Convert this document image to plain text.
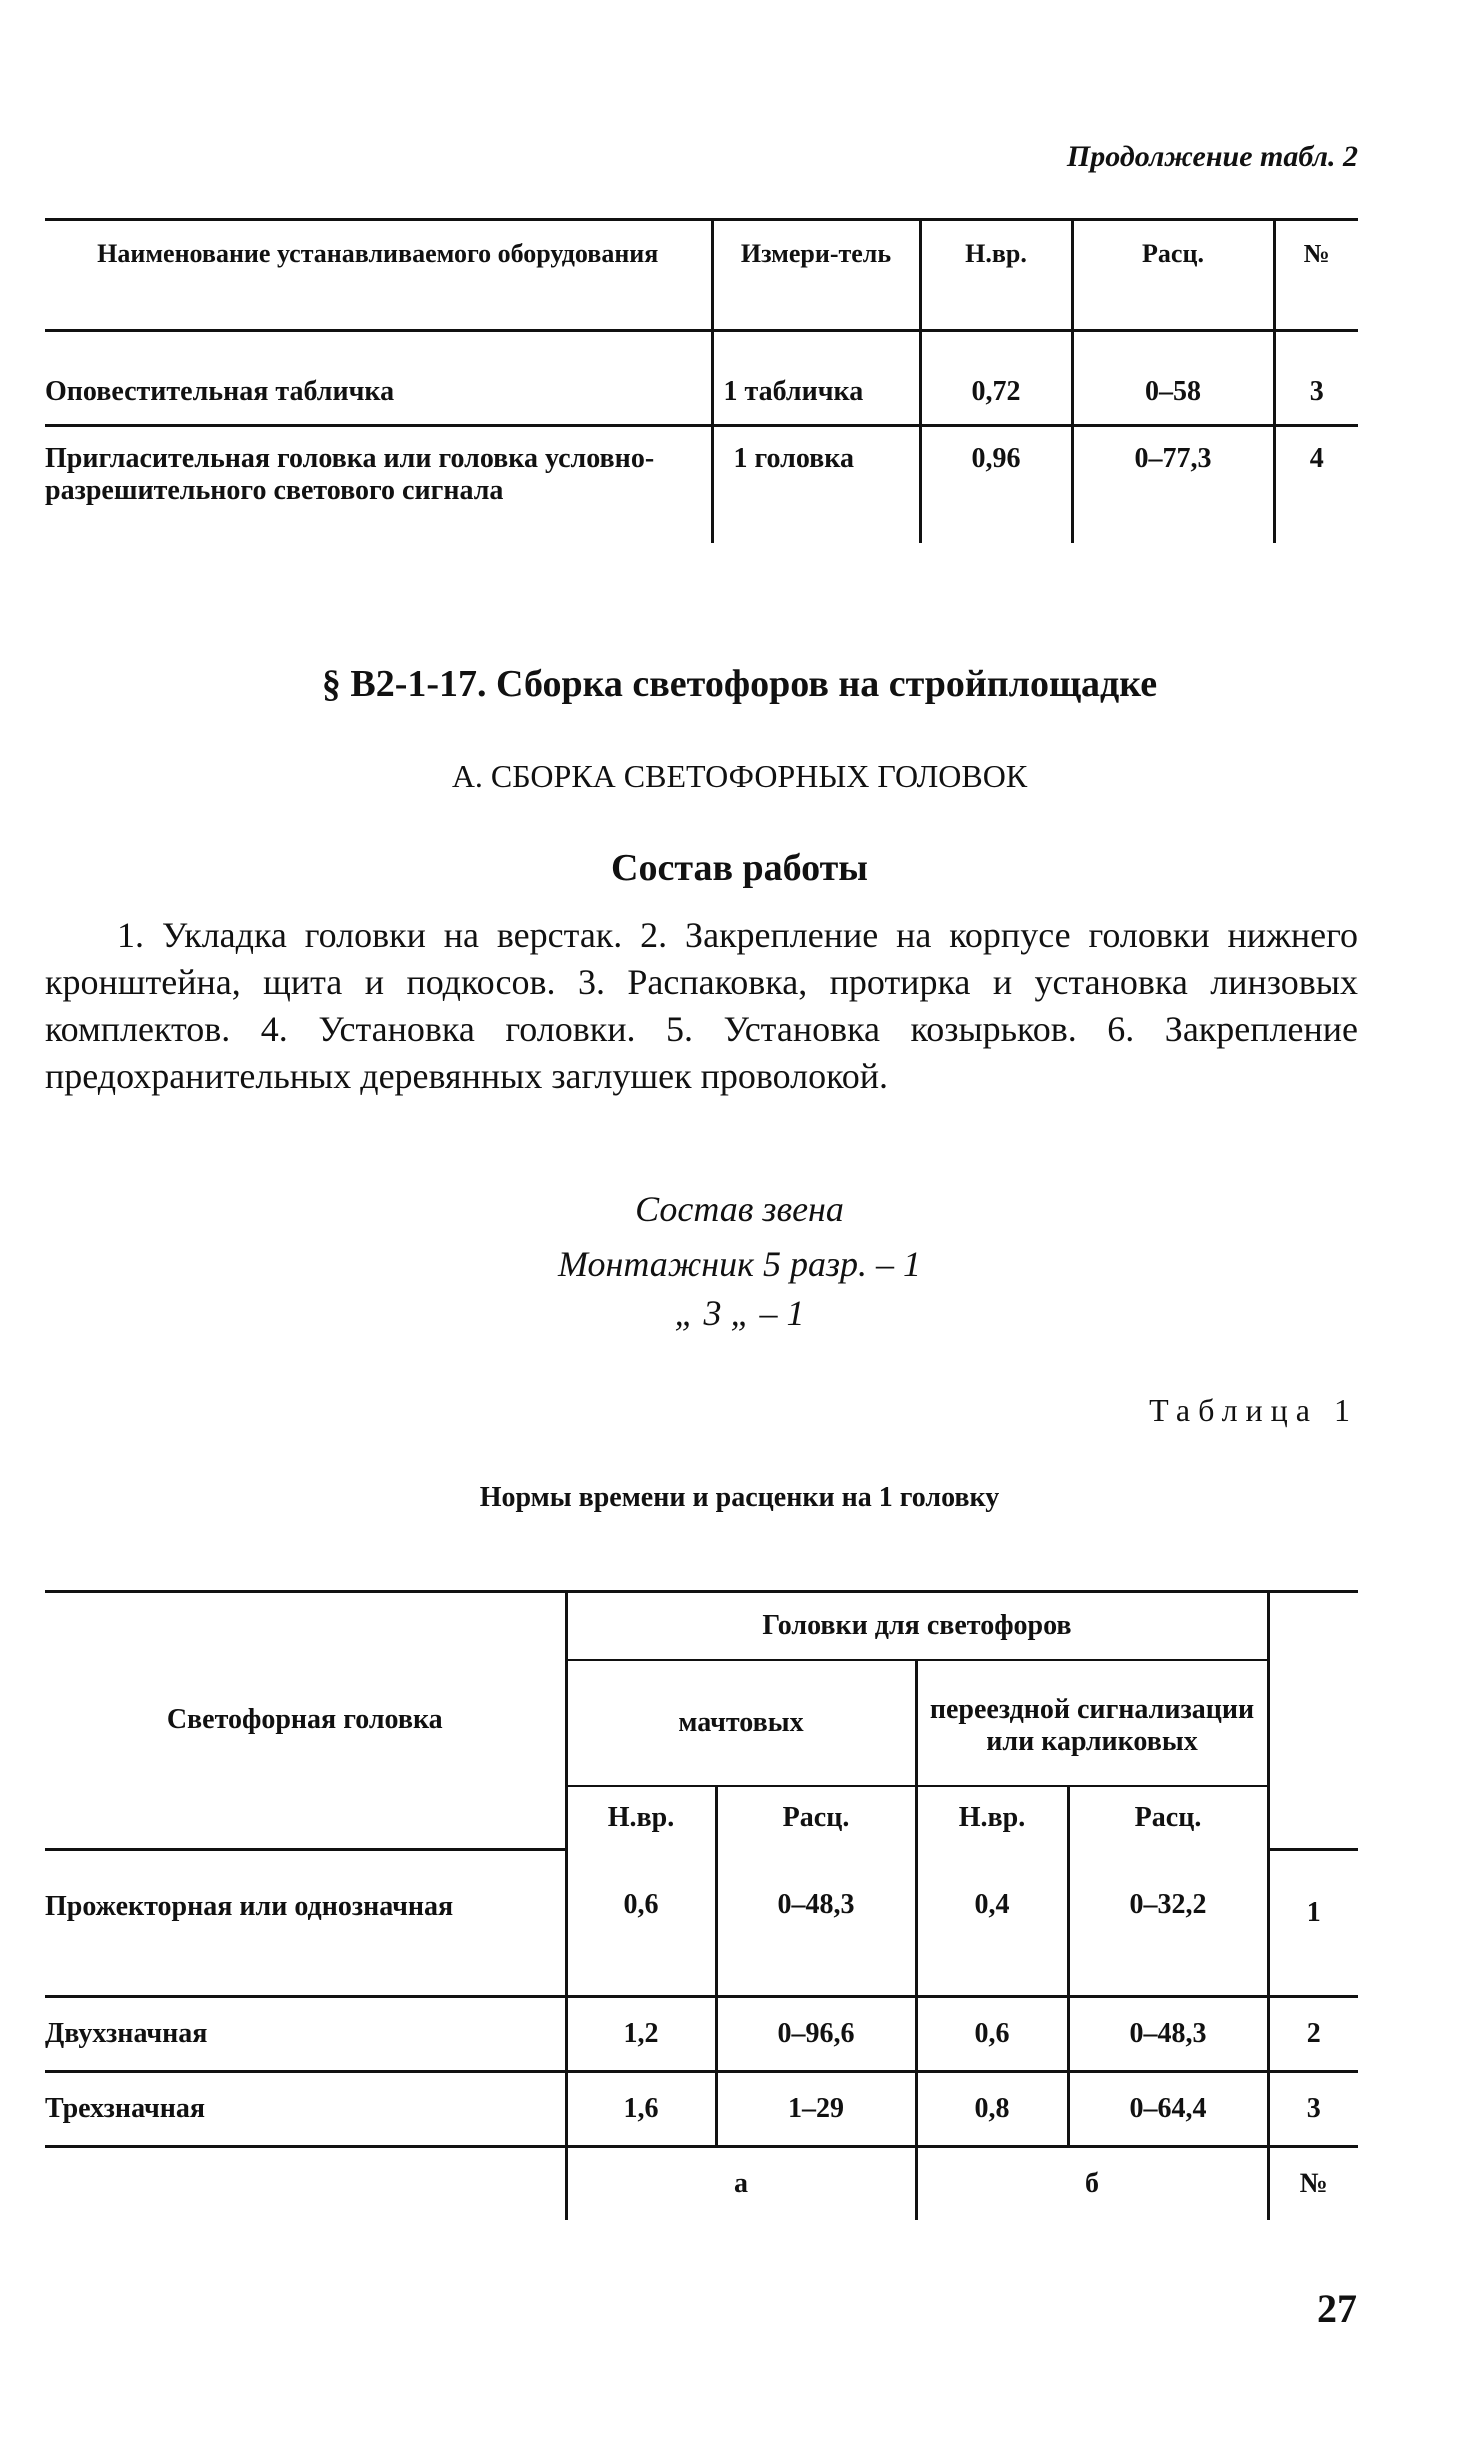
Продолжение табл. 2
Наименование устанавливаемого оборудования	Измери-тель	Н.вр.	Расц.	№
Оповестительная табличка	1 табличка	0,72	0–58	3
Пригласительная головка или головка условно-разрешительного светового сигнала	1 головка	0,96	0–77,3	4
§ В2-1-17. Сборка светофоров на стройплощадке
А. СБОРКА СВЕТОФОРНЫХ ГОЛОВОК
Состав работы

1. Укладка головки на верстак. 2. Закрепление на корпусе головки нижнего кронштейна, щита и подкосов. 3. Распаковка, протирка и установка линзовых комплектов. 4. Установка головки. 5. Установка козырьков. 6. Закрепление предохранительных деревянных заглушек проволокой.

Состав звена
Монтажник 5 разр. – 1
„ 3 „ – 1
Таблица 1
Нормы времени и расценки на 1 головку
Светофорная головка	Головки для светофоров				
	мачтовых		переездной сигнализации или карликовых		
	Н.вр.	Расц.	Н.вр.	Расц.	
Прожекторная или однозначная	0,6	0–48,3	0,4	0–32,2	1
Двухзначная	1,2	0–96,6	0,6	0–48,3	2
Трехзначная	1,6	1–29	0,8	0–64,4	3
	а		б		№
27
